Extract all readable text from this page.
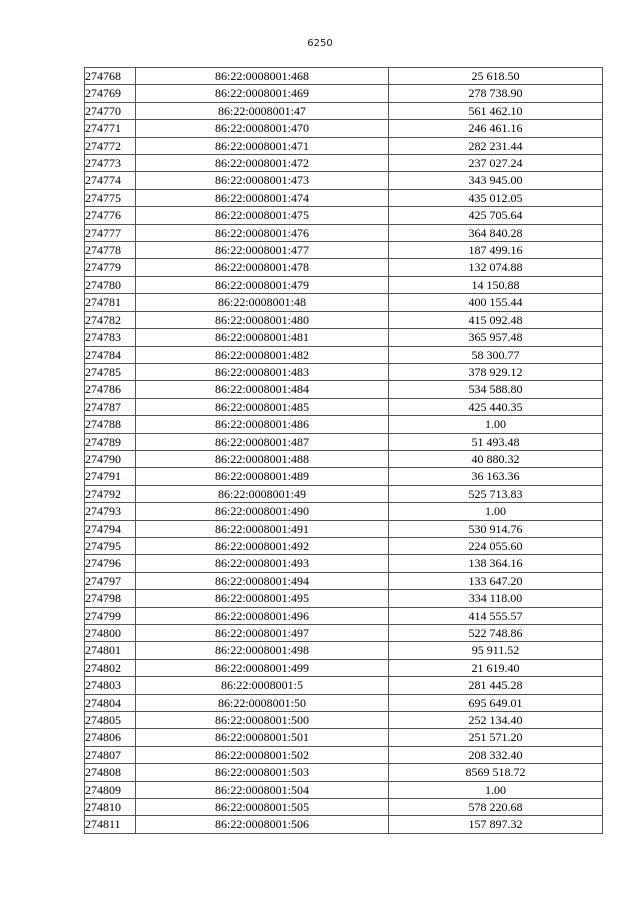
6250
274768	86:22:0008001:468	25 618.50
274769	86:22:0008001:469	278 738.90
274770	86:22:0008001:47	561 462.10
274771	86:22:0008001:470	246 461.16
274772	86:22:0008001:471	282 231.44
274773	86:22:0008001:472	237 027.24
274774	86:22:0008001:473	343 945.00
274775	86:22:0008001:474	435 012.05
274776	86:22:0008001:475	425 705.64
274777	86:22:0008001:476	364 840.28
274778	86:22:0008001:477	187 499.16
274779	86:22:0008001:478	132 074.88
274780	86:22:0008001:479	14 150.88
274781	86:22:0008001:48	400 155.44
274782	86:22:0008001:480	415 092.48
274783	86:22:0008001:481	365 957.48
274784	86:22:0008001:482	58 300.77
274785	86:22:0008001:483	378 929.12
274786	86:22:0008001:484	534 588.80
274787	86:22:0008001:485	425 440.35
274788	86:22:0008001:486	1.00
274789	86:22:0008001:487	51 493.48
274790	86:22:0008001:488	40 880.32
274791	86:22:0008001:489	36 163.36
274792	86:22:0008001:49	525 713.83
274793	86:22:0008001:490	1.00
274794	86:22:0008001:491	530 914.76
274795	86:22:0008001:492	224 055.60
274796	86:22:0008001:493	138 364.16
274797	86:22:0008001:494	133 647.20
274798	86:22:0008001:495	334 118.00
274799	86:22:0008001:496	414 555.57
274800	86:22:0008001:497	522 748.86
274801	86:22:0008001:498	95 911.52
274802	86:22:0008001:499	21 619.40
274803	86:22:0008001:5	281 445.28
274804	86:22:0008001:50	695 649.01
274805	86:22:0008001:500	252 134.40
274806	86:22:0008001:501	251 571.20
274807	86:22:0008001:502	208 332.40
274808	86:22:0008001:503	8569 518.72
274809	86:22:0008001:504	1.00
274810	86:22:0008001:505	578 220.68
274811	86:22:0008001:506	157 897.32
